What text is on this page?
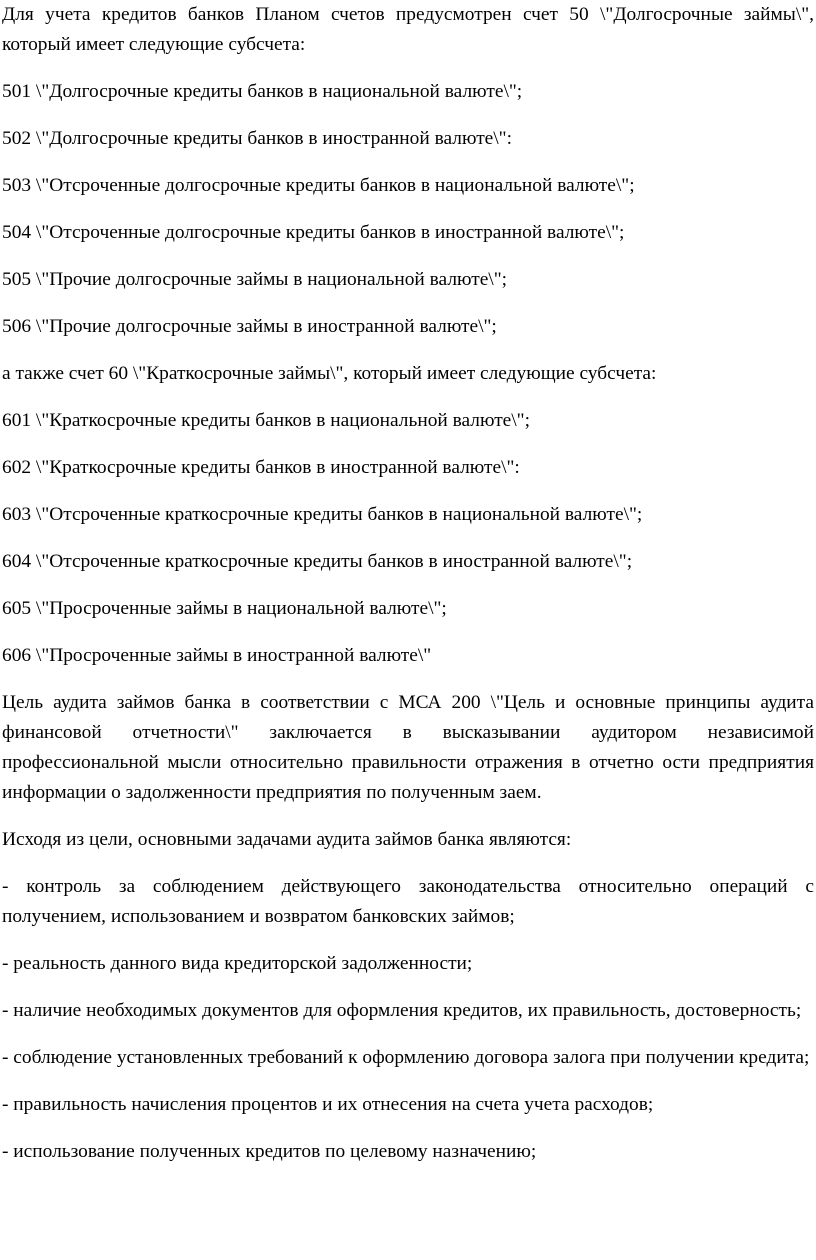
Для учета кредитов банков Планом счетов предусмотрен счет 50 \"Долгосрочные займы\", который имеет следующие субсчета:

501 \"Долгосрочные кредиты банков в национальной валюте\";

502 \"Долгосрочные кредиты банков в иностранной валюте\":

503 \"Отсроченные долгосрочные кредиты банков в национальной валюте\";

504 \"Отсроченные долгосрочные кредиты банков в иностранной валюте\";

505 \"Прочие долгосрочные займы в национальной валюте\";

506 \"Прочие долгосрочные займы в иностранной валюте\";

а также счет 60 \"Краткосрочные займы\", который имеет следующие субсчета:

601 \"Краткосрочные кредиты банков в национальной валюте\";

602 \"Краткосрочные кредиты банков в иностранной валюте\":

603 \"Отсроченные краткосрочные кредиты банков в национальной валюте\";

604 \"Отсроченные краткосрочные кредиты банков в иностранной валюте\";

605 \"Просроченные займы в национальной валюте\";

606 \"Просроченные займы в иностранной валюте\"

Цель аудита займов банка в соответствии с МСА 200 \"Цель и основные принципы аудита финансовой отчетности\" заключается в высказывании аудитором независимой профессиональной мысли относительно правильности отражения в отчетно ости предприятия информации о задолженности предприятия по полученным заем.

Исходя из цели, основными задачами аудита займов банка являются:

- контроль за соблюдением действующего законодательства относительно операций с получением, использованием и возвратом банковских займов;

- реальность данного вида кредиторской задолженности;

- наличие необходимых документов для оформления кредитов, их правильность, достоверность;

- соблюдение установленных требований к оформлению договора залога при получении кредита;

- правильность начисления процентов и их отнесения на счета учета расходов;

- использование полученных кредитов по целевому назначению;
